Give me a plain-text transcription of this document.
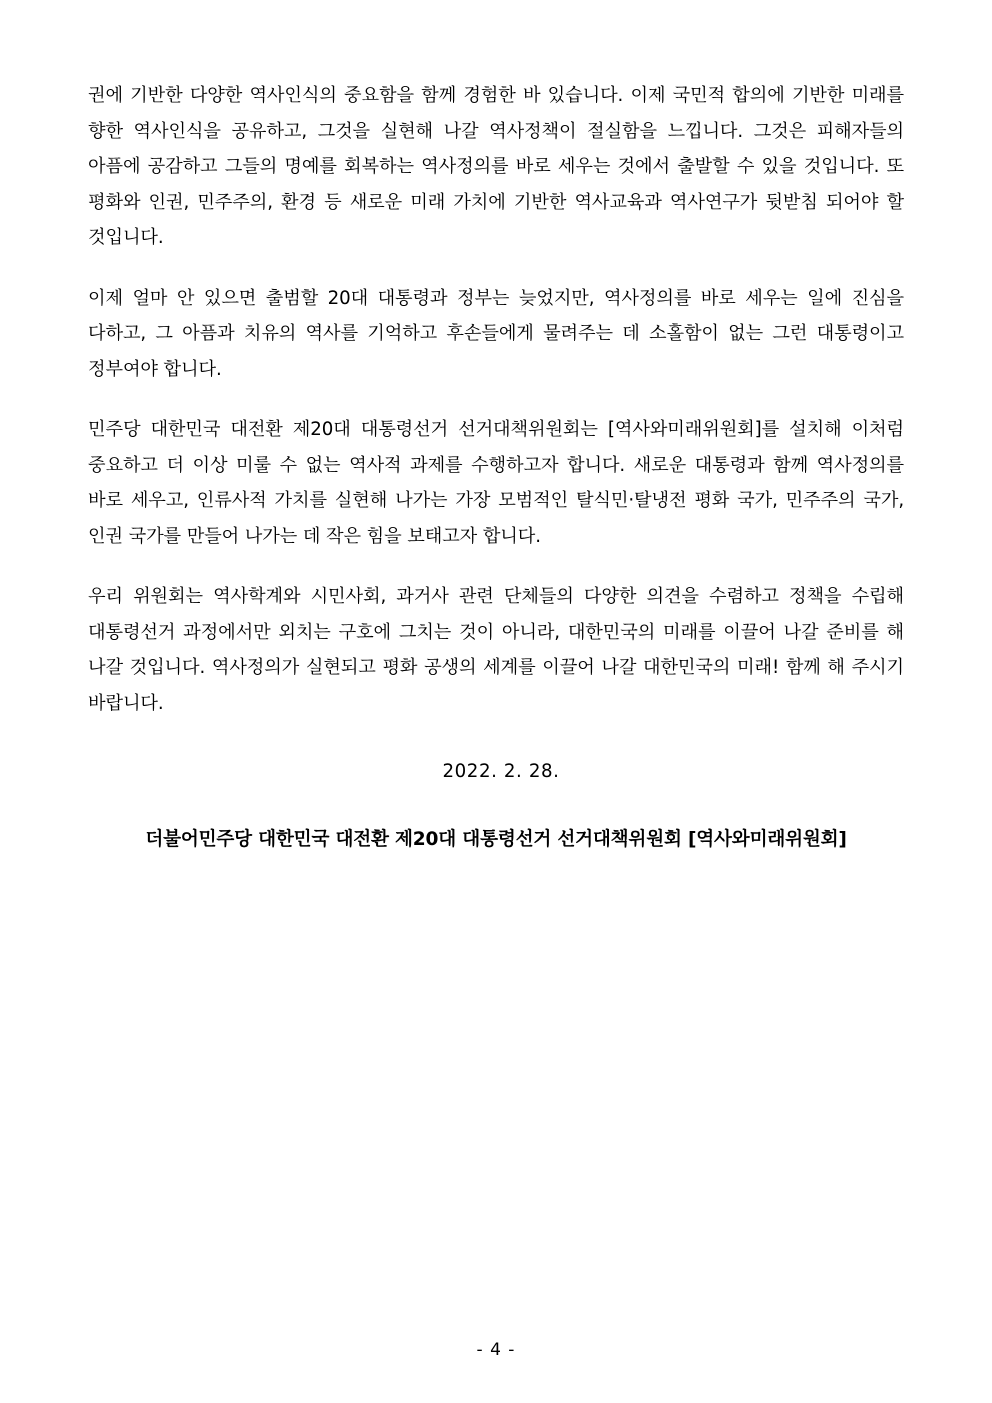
권에 기반한 다양한 역사인식의 중요함을 함께 경험한 바 있습니다. 이제 국민적 합의에 기반한 미래를 향한 역사인식을 공유하고, 그것을 실현해 나갈 역사정책이 절실함을 느낍니다. 그것은 피해자들의 아픔에 공감하고 그들의 명예를 회복하는 역사정의를 바로 세우는 것에서 출발할 수 있을 것입니다. 또 평화와 인권, 민주주의, 환경 등 새로운 미래 가치에 기반한 역사교육과 역사연구가 뒷받침 되어야 할 것입니다.

이제 얼마 안 있으면 출범할 20대 대통령과 정부는 늦었지만, 역사정의를 바로 세우는 일에 진심을 다하고, 그 아픔과 치유의 역사를 기억하고 후손들에게 물려주는 데 소홀함이 없는 그런 대통령이고 정부여야 합니다.

민주당 대한민국 대전환 제20대 대통령선거 선거대책위원회는 [역사와미래위원회]를 설치해 이처럼 중요하고 더 이상 미룰 수 없는 역사적 과제를 수행하고자 합니다. 새로운 대통령과 함께 역사정의를 바로 세우고, 인류사적 가치를 실현해 나가는 가장 모범적인 탈식민·탈냉전 평화 국가, 민주주의 국가, 인권 국가를 만들어 나가는 데 작은 힘을 보태고자 합니다.

우리 위원회는 역사학계와 시민사회, 과거사 관련 단체들의 다양한 의견을 수렴하고 정책을 수립해 대통령선거 과정에서만 외치는 구호에 그치는 것이 아니라, 대한민국의 미래를 이끌어 나갈 준비를 해 나갈 것입니다. 역사정의가 실현되고 평화 공생의 세계를 이끌어 나갈 대한민국의 미래! 함께 해 주시기 바랍니다.

2022. 2. 28.
더불어민주당 대한민국 대전환 제20대 대통령선거 선거대책위원회 [역사와미래위원회]
- 4 -
